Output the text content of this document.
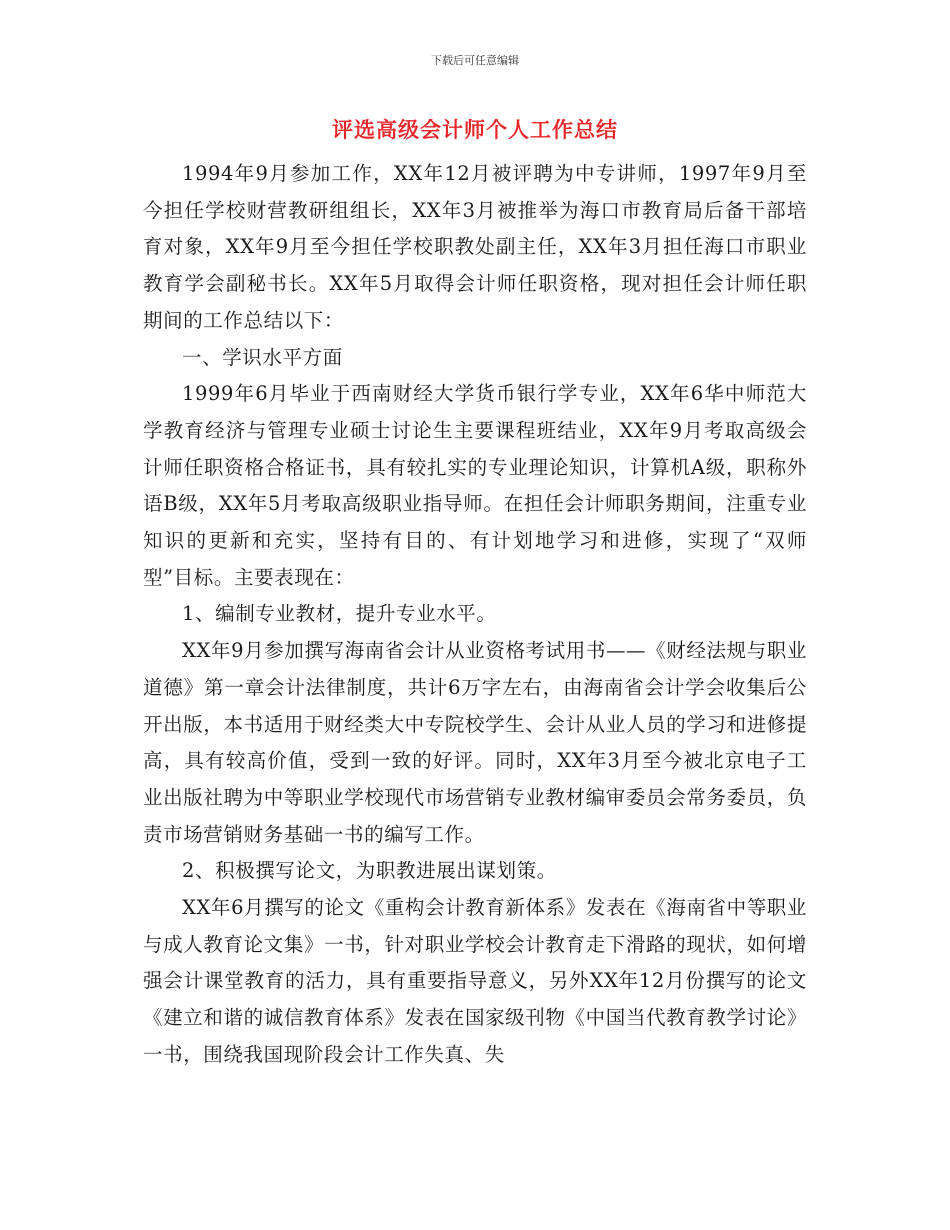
下载后可任意编辑
评选高级会计师个人工作总结

1994年9月参加工作，XX年12月被评聘为中专讲师，1997年9月至今担任学校财营教研组组长，XX年3月被推举为海口市教育局后备干部培育对象，XX年9月至今担任学校职教处副主任，XX年3月担任海口市职业教育学会副秘书长。XX年5月取得会计师任职资格，现对担任会计师任职期间的工作总结以下：

一、学识水平方面

1999年6月毕业于西南财经大学货币银行学专业，XX年6华中师范大学教育经济与管理专业硕士讨论生主要课程班结业，XX年9月考取高级会计师任职资格合格证书，具有较扎实的专业理论知识，计算机A级，职称外语B级，XX年5月考取高级职业指导师。在担任会计师职务期间，注重专业知识的更新和充实，坚持有目的、有计划地学习和进修，实现了“双师型”目标。主要表现在：

1、编制专业教材，提升专业水平。

XX年9月参加撰写海南省会计从业资格考试用书——《财经法规与职业道德》第一章会计法律制度，共计6万字左右，由海南省会计学会收集后公开出版，本书适用于财经类大中专院校学生、会计从业人员的学习和进修提高，具有较高价值，受到一致的好评。同时，XX年3月至今被北京电子工业出版社聘为中等职业学校现代市场营销专业教材编审委员会常务委员，负责市场营销财务基础一书的编写工作。

2、积极撰写论文，为职教进展出谋划策。

XX年6月撰写的论文《重构会计教育新体系》发表在《海南省中等职业与成人教育论文集》一书，针对职业学校会计教育走下滑路的现状，如何增强会计课堂教育的活力，具有重要指导意义，另外XX年12月份撰写的论文《建立和谐的诚信教育体系》发表在国家级刊物《中国当代教育教学讨论》一书，围绕我国现阶段会计工作失真、失
